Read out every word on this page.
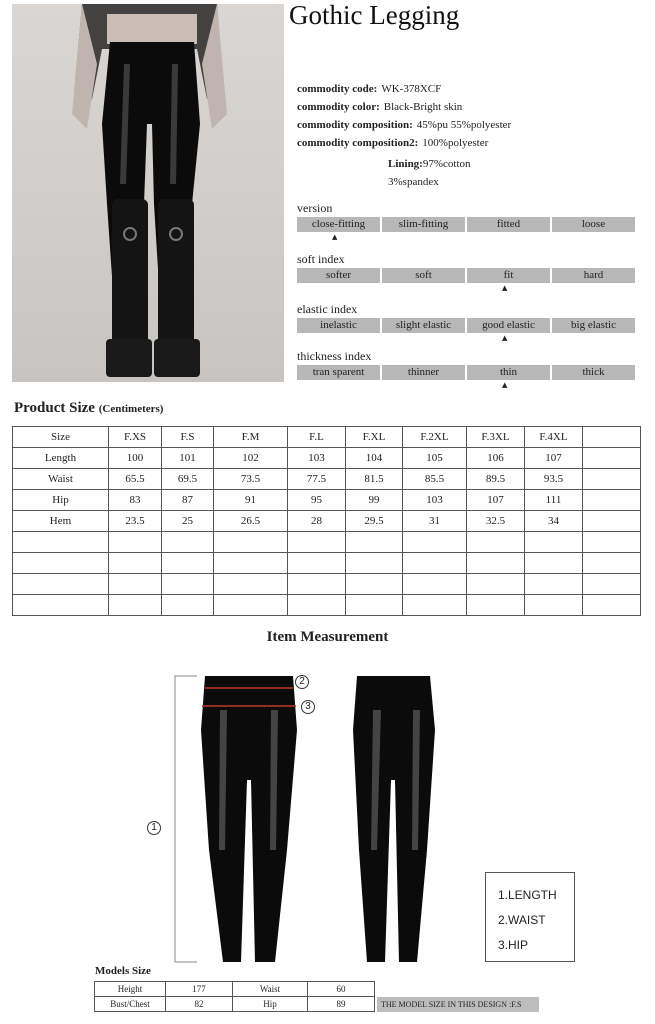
Gothic Legging
commodity code: WK-378XCF
commodity color: Black-Bright skin
commodity composition: 45%pu 55%polyester
commodity composition2: 100%polyester
Lining:97%cotton 3%spandex
version
close-fitting	slim-fitting	fitted	loose
▲
soft index
softer	soft	fit	hard
▲
elastic index
inelastic	slight elastic	good elastic	big elastic
▲
thickness index
tran sparent	thinner	thin	thick
▲
Product Size (Centimeters)
Size	F.XS	F.S	F.M	F.L	F.XL	F.2XL	F.3XL	F.4XL	
Length	100	101	102	103	104	105	106	107	
Waist	65.5	69.5	73.5	77.5	81.5	85.5	89.5	93.5	
Hip	83	87	91	95	99	103	107	111	
Hem	23.5	25	26.5	28	29.5	31	32.5	34	

Item Measurement
1
2
3
1.LENGTH
2.WAIST
3.HIP
Models Size
Height	177	Waist	60
Bust/Chest	82	Hip	89	THE MODEL SIZE IN THIS DESIGN :F.S
